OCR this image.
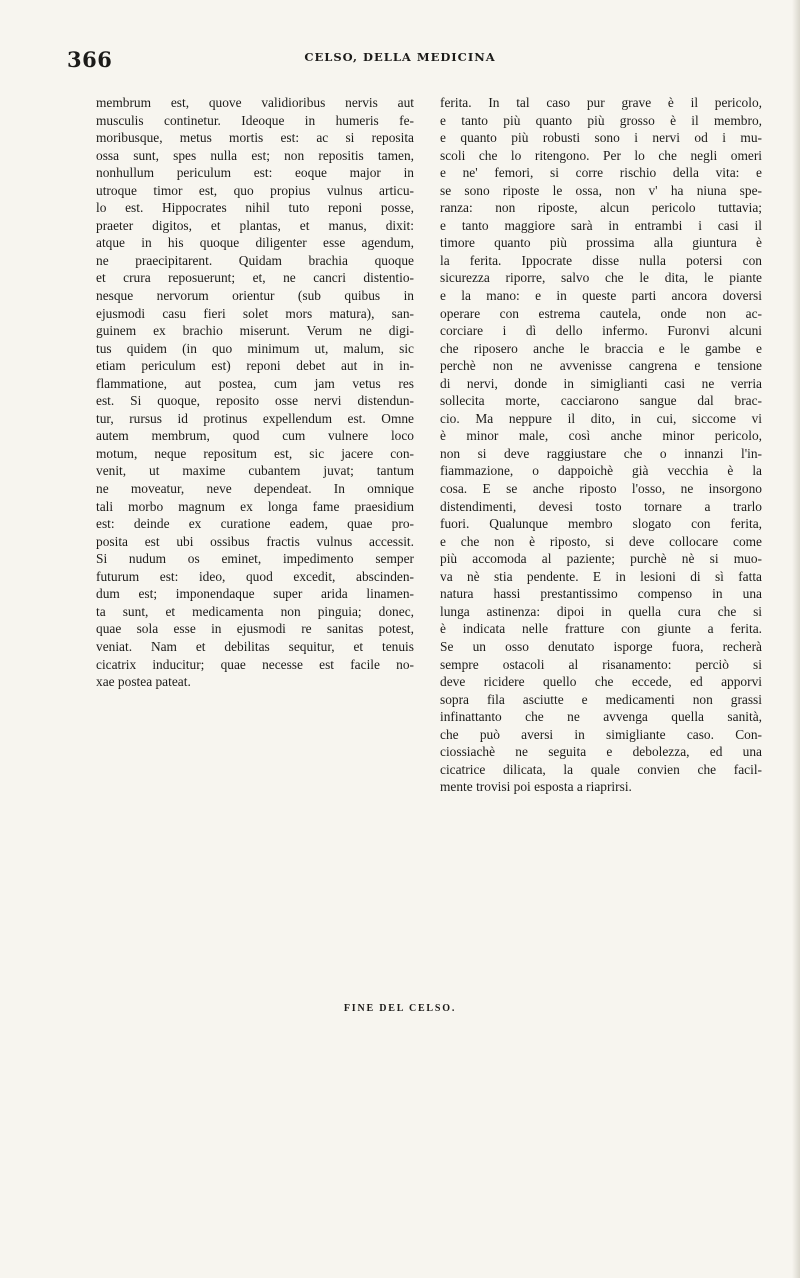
366	CELSO, DELLA MEDICINA
membrum est, quove validioribus nervis aut
musculis continetur. Ideoque in humeris fe-
moribusque, metus mortis est: ac si reposita
ossa sunt, spes nulla est; non repositis tamen,
nonhullum periculum est: eoque major in
utroque timor est, quo propius vulnus articu-
lo est. Hippocrates nihil tuto reponi posse,
praeter digitos, et plantas, et manus, dixit:
atque in his quoque diligenter esse agendum,
ne praecipitarent. Quidam brachia quoque
et crura reposuerunt; et, ne cancri distentio-
nesque nervorum orientur (sub quibus in
ejusmodi casu fieri solet mors matura), san-
guinem ex brachio miserunt. Verum ne digi-
tus quidem (in quo minimum ut, malum, sic
etiam periculum est) reponi debet aut in in-
flammatione, aut postea, cum jam vetus res
est. Si quoque, reposito osse nervi distendun-
tur, rursus id protinus expellendum est. Omne
autem membrum, quod cum vulnere loco
motum, neque repositum est, sic jacere con-
venit, ut maxime cubantem juvat; tantum
ne moveatur, neve dependeat. In omnique
tali morbo magnum ex longa fame praesidium
est: deinde ex curatione eadem, quae pro-
posita est ubi ossibus fractis vulnus accessit.
Si nudum os eminet, impedimento semper
futurum est: ideo, quod excedit, abscinden-
dum est; imponendaque super arida linamen-
ta sunt, et medicamenta non pinguia; donec,
quae sola esse in ejusmodi re sanitas potest,
veniat. Nam et debilitas sequitur, et tenuis
cicatrix inducitur; quae necesse est facile no-
xae postea pateat.
ferita. In tal caso pur grave è il pericolo,
e tanto più quanto più grosso è il membro,
e quanto più robusti sono i nervi od i mu-
scoli che lo ritengono. Per lo che negli omeri
e ne' femori, si corre rischio della vita: e
se sono riposte le ossa, non v' ha niuna spe-
ranza: non riposte, alcun pericolo tuttavia;
e tanto maggiore sarà in entrambi i casi il
timore quanto più prossima alla giuntura è
la ferita. Ippocrate disse nulla potersi con
sicurezza riporre, salvo che le dita, le piante
e la mano: e in queste parti ancora doversi
operare con estrema cautela, onde non ac-
corciare i dì dello infermo. Furonvi alcuni
che riposero anche le braccia e le gambe e
perchè non ne avvenisse cangrena e tensione
di nervi, donde in simiglianti casi ne verria
sollecita morte, cacciarono sangue dal brac-
cio. Ma neppure il dito, in cui, siccome vi
è minor male, così anche minor pericolo,
non si deve raggiustare che o innanzi l'in-
fiammazione, o dappoichè già vecchia è la
cosa. E se anche riposto l'osso, ne insorgono
distendimenti, devesi tosto tornare a trarlo
fuori. Qualunque membro slogato con ferita,
e che non è riposto, si deve collocare come
più accomoda al paziente; purchè nè si muo-
va nè stia pendente. E in lesioni di sì fatta
natura hassi prestantissimo compenso in una
lunga astinenza: dipoi in quella cura che si
è indicata nelle fratture con giunte a ferita.
Se un osso denutato isporge fuora, recherà
sempre ostacoli al risanamento: perciò si
deve ricidere quello che eccede, ed apporvi
sopra fila asciutte e medicamenti non grassi
infinattanto che ne avvenga quella sanità,
che può aversi in simigliante caso. Con-
ciossiachè ne seguita e debolezza, ed una
cicatrice dilicata, la quale convien che facil-
mente trovisi poi esposta a riaprirsi.
FINE DEL CELSO.
